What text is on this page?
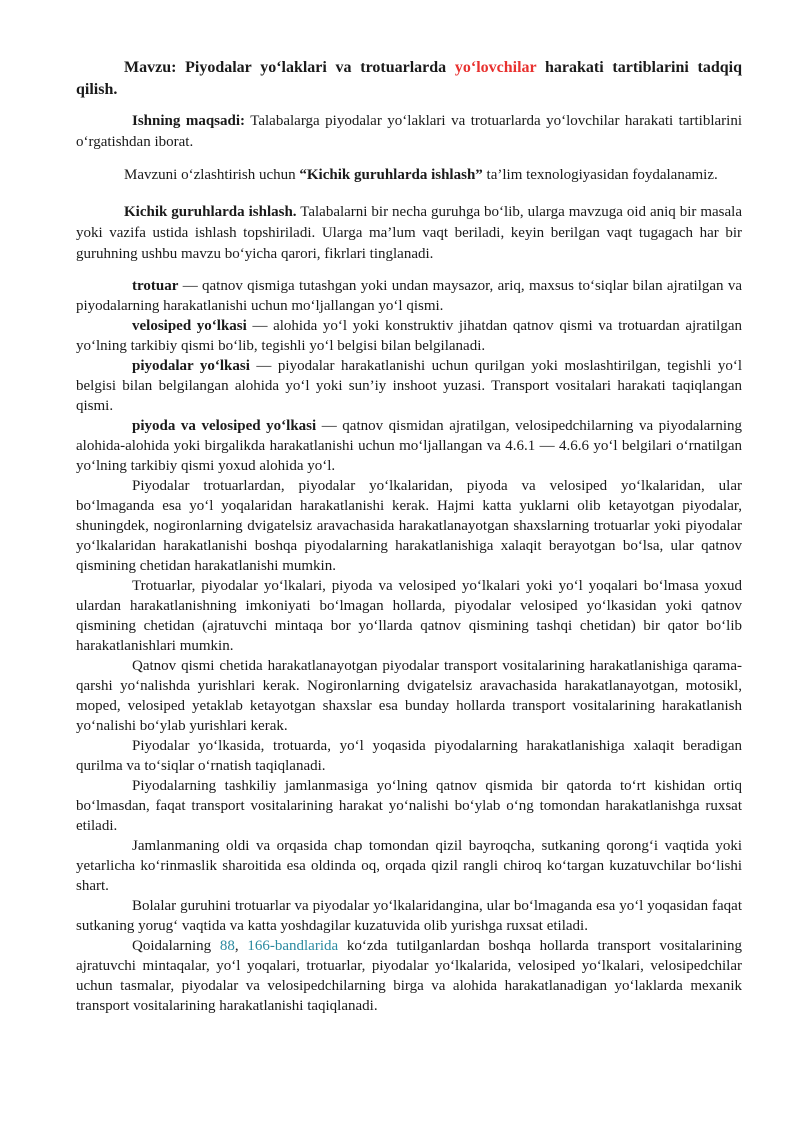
Mavzu: Piyodalar yo‘laklari va trotuarlarda yo‘lovchilar harakati tartiblarini tadqiq qilish.

Ishning maqsadi: Talabalarga piyodalar yo‘laklari va trotuarlarda yo‘lovchilar harakati tartiblarini o‘rgatishdan iborat.

Mavzuni o‘zlashtirish uchun “Kichik guruhlarda ishlash” ta’lim texnologiyasidan foydalanamiz.

Kichik guruhlarda ishlash. Talabalarni bir necha guruhga bo‘lib, ularga mavzuga oid aniq bir masala yoki vazifa ustida ishlash topshiriladi. Ularga ma’lum vaqt beriladi, keyin berilgan vaqt tugagach har bir guruhning ushbu mavzu bo‘yicha qarori, fikrlari tinglanadi.

trotuar — qatnov qismiga tutashgan yoki undan maysazor, ariq, maxsus to‘siqlar bilan ajratilgan va piyodalarning harakatlanishi uchun mo‘ljallangan yo‘l qismi.

velosiped yo‘lkasi — alohida yo‘l yoki konstruktiv jihatdan qatnov qismi va trotuardan ajratilgan yo‘lning tarkibiy qismi bo‘lib, tegishli yo‘l belgisi bilan belgilanadi.

piyodalar yo‘lkasi — piyodalar harakatlanishi uchun qurilgan yoki moslashtirilgan, tegishli yo‘l belgisi bilan belgilangan alohida yo‘l yoki sun’iy inshoot yuzasi. Transport vositalari harakati taqiqlangan qismi.

piyoda va velosiped yo‘lkasi — qatnov qismidan ajratilgan, velosipedchilarning va piyodalarning alohida-alohida yoki birgalikda harakatlanishi uchun mo‘ljallangan va 4.6.1 — 4.6.6 yo‘l belgilari o‘rnatilgan yo‘lning tarkibiy qismi yoxud alohida yo‘l.

Piyodalar trotuarlardan, piyodalar yo‘lkalaridan, piyoda va velosiped yo‘lkalaridan, ular bo‘lmaganda esa yo‘l yoqalaridan harakatlanishi kerak. Hajmi katta yuklarni olib ketayotgan piyodalar, shuningdek, nogironlarning dvigatelsiz aravachasida harakatlanayotgan shaxslarning trotuarlar yoki piyodalar yo‘lkalaridan harakatlanishi boshqa piyodalarning harakatlanishiga xalaqit berayotgan bo‘lsa, ular qatnov qismining chetidan harakatlanishi mumkin.

Trotuarlar, piyodalar yo‘lkalari, piyoda va velosiped yo‘lkalari yoki yo‘l yoqalari bo‘lmasa yoxud ulardan harakatlanishning imkoniyati bo‘lmagan hollarda, piyodalar velosiped yo‘lkasidan yoki qatnov qismining chetidan (ajratuvchi mintaqa bor yo‘llarda qatnov qismining tashqi chetidan) bir qator bo‘lib harakatlanishlari mumkin.

Qatnov qismi chetida harakatlanayotgan piyodalar transport vositalarining harakatlanishiga qarama-qarshi yo‘nalishda yurishlari kerak. Nogironlarning dvigatelsiz aravachasida harakatlanayotgan, motosikl, moped, velosiped yetaklab ketayotgan shaxslar esa bunday hollarda transport vositalarining harakatlanish yo‘nalishi bo‘ylab yurishlari kerak.

Piyodalar yo‘lkasida, trotuarda, yo‘l yoqasida piyodalarning harakatlanishiga xalaqit beradigan qurilma va to‘siqlar o‘rnatish taqiqlanadi.

Piyodalarning tashkiliy jamlanmasiga yo‘lning qatnov qismida bir qatorda to‘rt kishidan ortiq bo‘lmasdan, faqat transport vositalarining harakat yo‘nalishi bo‘ylab o‘ng tomondan harakatlanishga ruxsat etiladi.

Jamlanmaning oldi va orqasida chap tomondan qizil bayroqcha, sutkaning qorong‘i vaqtida yoki yetarlicha ko‘rinmaslik sharoitida esa oldinda oq, orqada qizil rangli chiroq ko‘targan kuzatuvchilar bo‘lishi shart.

Bolalar guruhini trotuarlar va piyodalar yo‘lkalaridangina, ular bo‘lmaganda esa yo‘l yoqasidan faqat sutkaning yorug‘ vaqtida va katta yoshdagilar kuzatuvida olib yurishga ruxsat etiladi.

Qoidalarning 88, 166-bandlarida ko‘zda tutilganlardan boshqa hollarda transport vositalarining ajratuvchi mintaqalar, yo‘l yoqalari, trotuarlar, piyodalar yo‘lkalarida, velosiped yo‘lkalari, velosipedchilar uchun tasmalar, piyodalar va velosipedchilarning birga va alohida harakatlanadigan yo‘laklarda mexanik transport vositalarining harakatlanishi taqiqlanadi.
